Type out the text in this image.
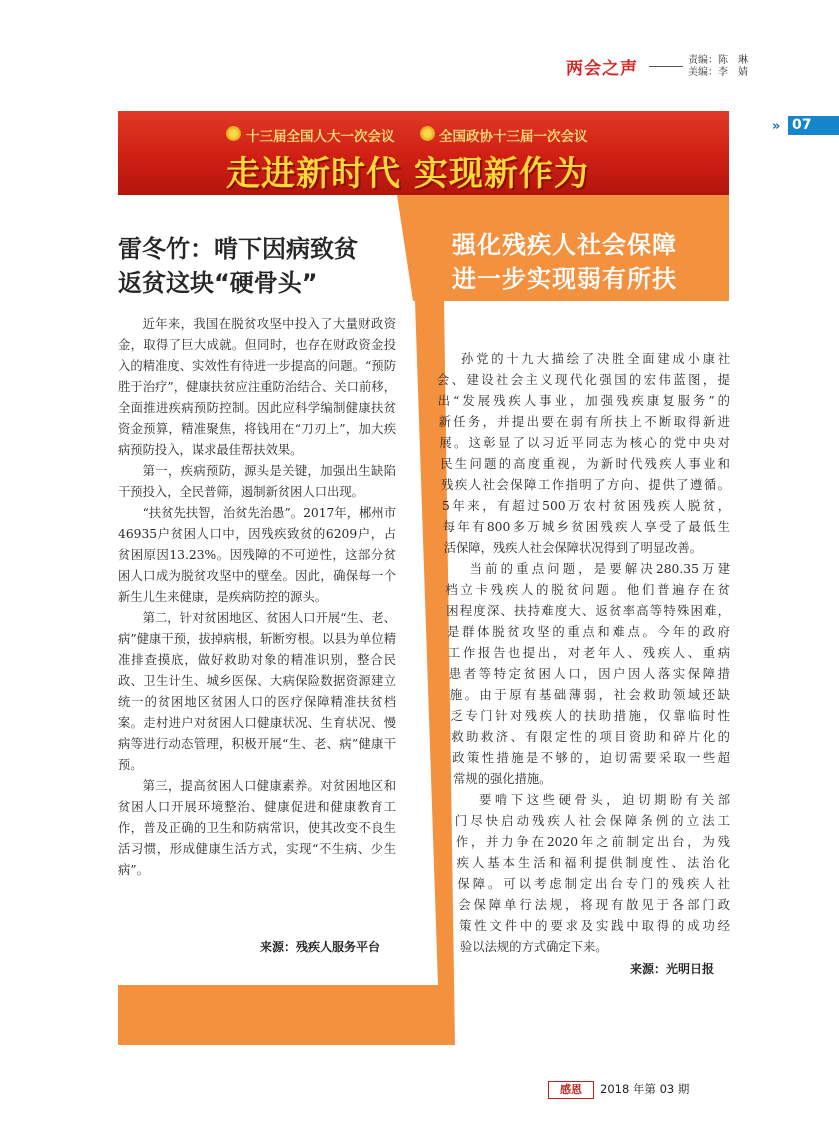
两会之声	责编：陈　琳
美编：李　婧
» 07
十三届全国人大一次会议	全国政协十三届一次会议
走进新时代 实现新作为
雷冬竹：啃下因病致贫
返贫这块“硬骨头”

近年来，我国在脱贫攻坚中投入了大量财政资金，取得了巨大成就。但同时，也存在财政资金投入的精准度、实效性有待进一步提高的问题。“预防胜于治疗”，健康扶贫应注重防治结合、关口前移，全面推进疾病预防控制。因此应科学编制健康扶贫资金预算，精准聚焦，将钱用在“刀刃上”，加大疾病预防投入，谋求最佳帮扶效果。

第一，疾病预防，源头是关键，加强出生缺陷干预投入，全民普筛，遏制新贫困人口出现。

“扶贫先扶智，治贫先治愚”。2017年，郴州市46935户贫困人口中，因残疾致贫的6209户，占贫困原因13.23%。因残障的不可逆性，这部分贫困人口成为脱贫攻坚中的壁垒。因此，确保每一个新生儿生来健康，是疾病防控的源头。

第二，针对贫困地区、贫困人口开展“生、老、病”健康干预，拔掉病根，斩断穷根。以县为单位精准排查摸底，做好救助对象的精准识别，整合民政、卫生计生、城乡医保、大病保险数据资源建立统一的贫困地区贫困人口的医疗保障精准扶贫档案。走村进户对贫困人口健康状况、生育状况、慢病等进行动态管理，积极开展“生、老、病”健康干预。

第三，提高贫困人口健康素养。对贫困地区和贫困人口开展环境整治、健康促进和健康教育工作，普及正确的卫生和防病常识，使其改变不良生活习惯，形成健康生活方式，实现“不生病、少生病”。

来源：残疾人服务平台
强化残疾人社会保障
进一步实现弱有所扶
孙党的十九大描绘了决胜全面建成小康社
会、建设社会主义现代化强国的宏伟蓝图，提
出“发展残疾人事业，加强残疾康复服务”的
新任务，并提出要在弱有所扶上不断取得新进
展。这彰显了以习近平同志为核心的党中央对
民生问题的高度重视，为新时代残疾人事业和
残疾人社会保障工作指明了方向、提供了遵循。
5年来，有超过500万农村贫困残疾人脱贫，
每年有800多万城乡贫困残疾人享受了最低生
活保障，残疾人社会保障状况得到了明显改善。
当前的重点问题，是要解决280.35万建
档立卡残疾人的脱贫问题。他们普遍存在贫
困程度深、扶持难度大、返贫率高等特殊困难，
是群体脱贫攻坚的重点和难点。今年的政府
工作报告也提出，对老年人、残疾人、重病
患者等特定贫困人口，因户因人落实保障措
施。由于原有基础薄弱，社会救助领域还缺
乏专门针对残疾人的扶助措施，仅靠临时性
救助救济、有限定性的项目资助和碎片化的
政策性措施是不够的，迫切需要采取一些超
常规的强化措施。
要啃下这些硬骨头，迫切期盼有关部
门尽快启动残疾人社会保障条例的立法工
作，并力争在2020年之前制定出台，为残
疾人基本生活和福利提供制度性、法治化
保障。可以考虑制定出台专门的残疾人社
会保障单行法规，将现有散见于各部门政
策性文件中的要求及实践中取得的成功经
验以法规的方式确定下来。
来源：光明日报
感恩	2018 年第 03 期
